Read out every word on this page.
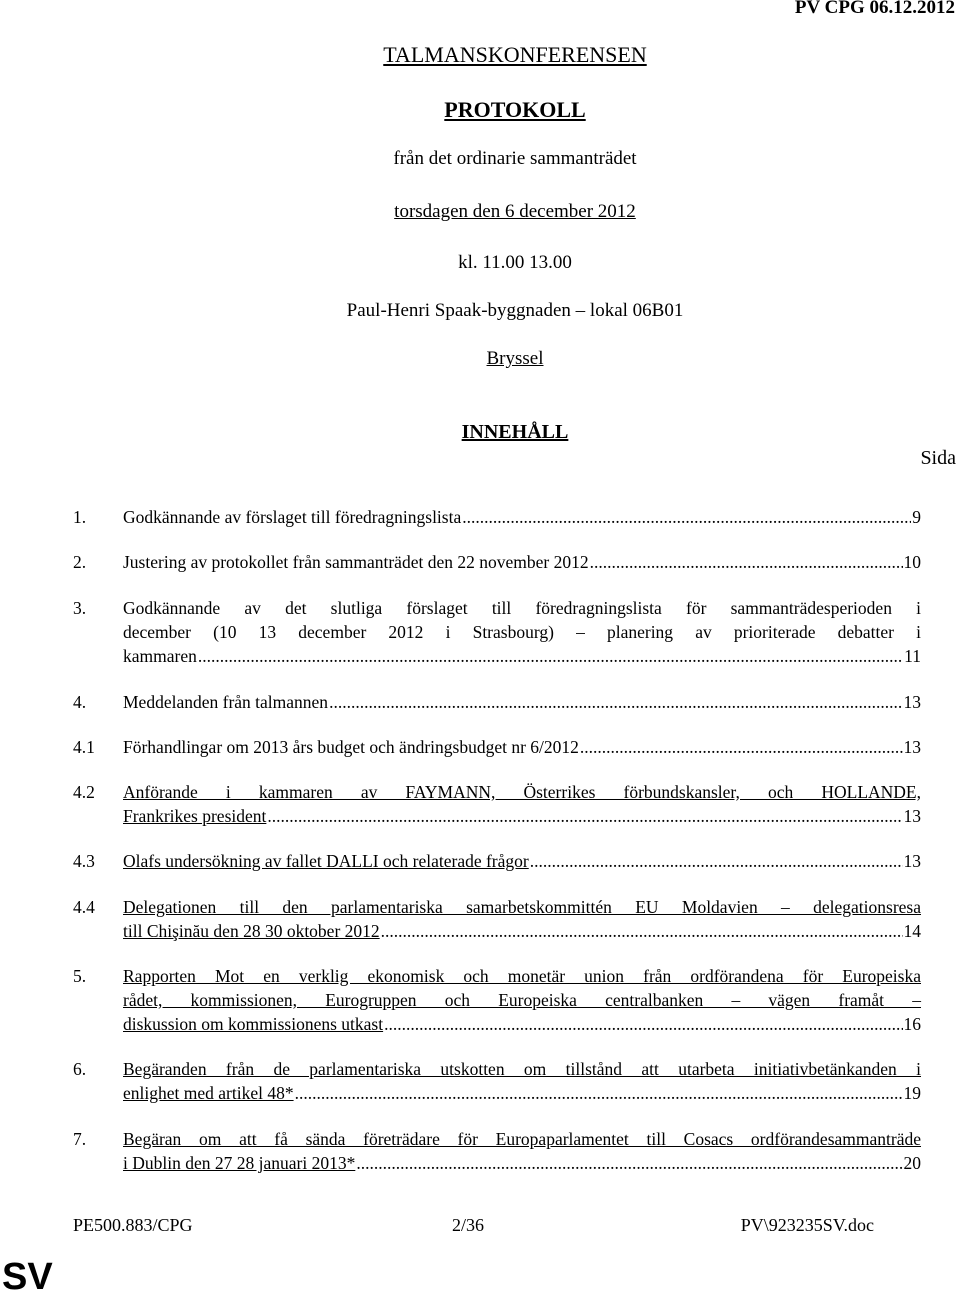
PV CPG 06.12.2012
TALMANSKONFERENSEN
PROTOKOLL
från det ordinarie sammanträdet
torsdagen den 6 december 2012
kl. 11.00 13.00
Paul-Henri Spaak-byggnaden – lokal 06B01
Bryssel
INNEHÅLL
Sida
1.	Godkännande av förslaget till föredragningslista .....	9
2.	Justering av protokollet från sammanträdet den 22 november 2012 .....	10
3.	Godkännande av det slutliga förslaget till föredragningslista för sammanträdesperioden i
december (10 13 december 2012 i Strasbourg) – planering av prioriterade debatter i
kammaren .....	11
4.	Meddelanden från talmannen .....	13
4.1	Förhandlingar om 2013 års budget och ändringsbudget nr 6/2012 .....	13
4.2	Anförande i kammaren av FAYMANN, Österrikes förbundskansler, och HOLLANDE,
Frankrikes president .....	13
4.3	Olafs undersökning av fallet DALLI och relaterade frågor .....	13
4.4	Delegationen till den parlamentariska samarbetskommittén EU Moldavien – delegationsresa
till Chişinău den 28 30 oktober 2012 .....	14
5.	Rapporten Mot en verklig ekonomisk och monetär union från ordförandena för Europeiska
rådet, kommissionen, Eurogruppen och Europeiska centralbanken – vägen framåt –
diskussion om kommissionens utkast .....	16
6.	Begäranden från de parlamentariska utskotten om tillstånd att utarbeta initiativbetänkanden i
enlighet med artikel 48* .....	19
7.	Begäran om att få sända företrädare för Europaparlamentet till Cosacs ordförandesammanträde
i Dublin den 27 28 januari 2013* .....	20
PE500.883/CPG	2/36	PV\923235SV.doc
SV
